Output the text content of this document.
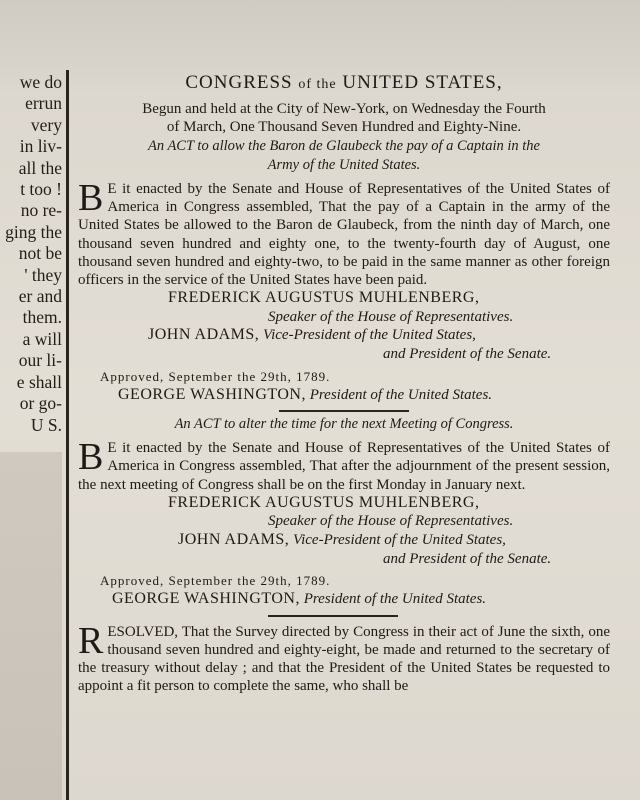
we do
errun
very
in liv-
all the
t too !
no re-
ging the
not be
' they
er and
them.
a will
our li-
e shall
or go-
U S.
CONGRESS of the UNITED STATES,
Begun and held at the City of New-York, on Wednesday the Fourth
of March, One Thousand Seven Hundred and Eighty-Nine.
An ACT to allow the Baron de Glaubeck the pay of a Captain in the
Army of the United States.
B E it enacted by the Senate and House of Representatives of the United States of America in Congress assembled, That the pay of a Captain in the army of the United States be allowed to the Baron de Glaubeck, from the ninth day of March, one thousand seven hundred and eighty one, to the twenty-fourth day of August, one thousand seven hundred and eighty-two, to be paid in the same manner as other foreign officers in the service of the United States have been paid.
FREDERICK AUGUSTUS MUHLENBERG,
Speaker of the House of Representatives.
JOHN ADAMS, Vice-President of the United States,
and President of the Senate.
Approved, September the 29th, 1789.
GEORGE WASHINGTON, President of the United States.
An ACT to alter the time for the next Meeting of Congress.
B E it enacted by the Senate and House of Representatives of the United States of America in Congress assembled, That after the adjournment of the present session, the next meeting of Congress shall be on the first Monday in January next.
FREDERICK AUGUSTUS MUHLENBERG,
Speaker of the House of Representatives.
JOHN ADAMS, Vice-President of the United States,
and President of the Senate.
Approved, September the 29th, 1789.
GEORGE WASHINGTON, President of the United States.
R ESOLVED, That the Survey directed by Congress in their act of June the sixth, one thousand seven hundred and eighty-eight, be made and returned to the secretary of the treasury without delay ; and that the President of the United States be requested to appoint a fit person to complete the same, who shall be
